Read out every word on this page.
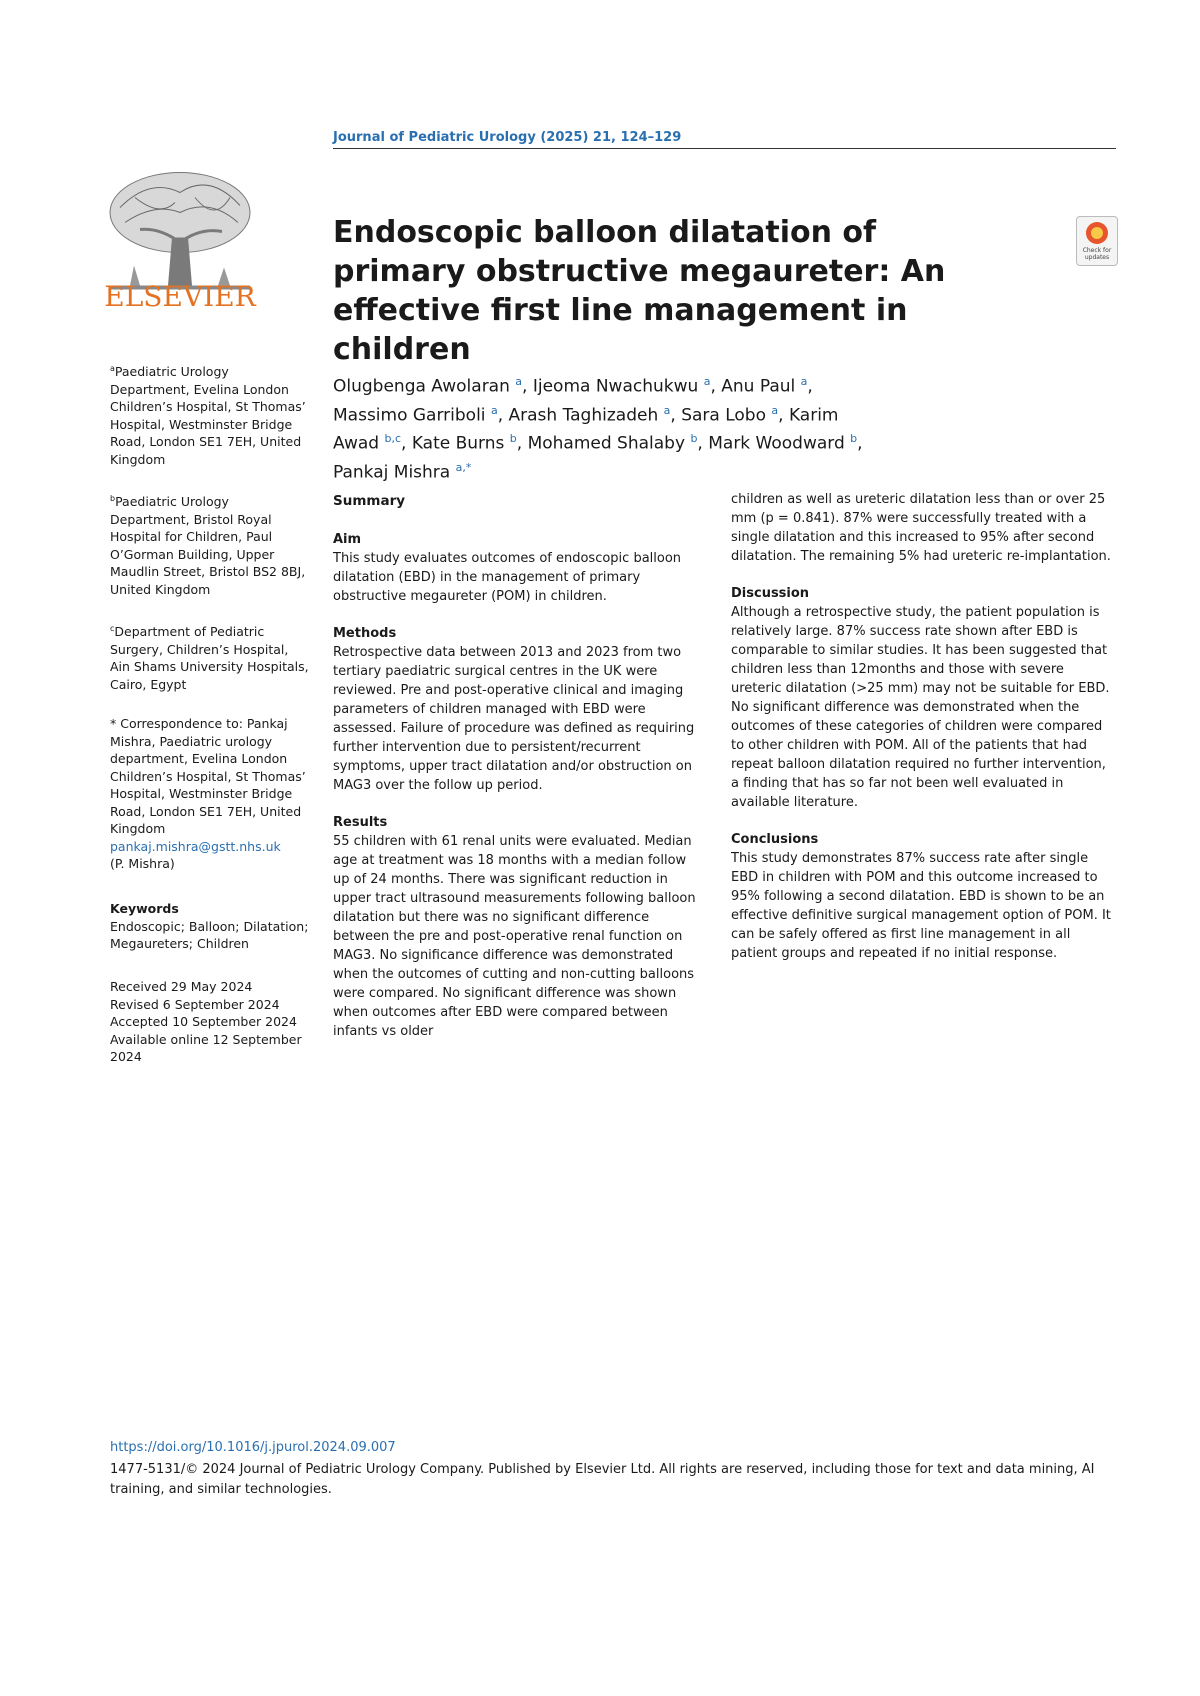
Journal of Pediatric Urology (2025) 21, 124–129
ELSEVIER
Endoscopic balloon dilatation of primary obstructive megaureter: An effective first line management in children
Check for updates
Olugbenga Awolaran $^a$, Ijeoma Nwachukwu $^a$, Anu Paul $^a$, Massimo Garriboli $^a$, Arash Taghizadeh $^a$, Sara Lobo $^a$, Karim Awad $^{b,c}$, Kate Burns $^b$, Mohamed Shalaby $^b$, Mark Woodward $^b$, Pankaj Mishra $^{a,*}$

$^a$Paediatric Urology Department, Evelina London Children’s Hospital, St Thomas’ Hospital, Westminster Bridge Road, London SE1 7EH, United Kingdom

$^b$Paediatric Urology Department, Bristol Royal Hospital for Children, Paul O’Gorman Building, Upper Maudlin Street, Bristol BS2 8BJ, United Kingdom

$^c$Department of Pediatric Surgery, Children’s Hospital, Ain Shams University Hospitals, Cairo, Egypt

* Correspondence to: Pankaj Mishra, Paediatric urology department, Evelina London Children’s Hospital, St Thomas’ Hospital, Westminster Bridge Road, London SE1 7EH, United Kingdom

pankaj.mishra@gstt.nhs.uk

(P. Mishra)

Keywords
Endoscopic; Balloon; Dilatation; Megaureters; Children
Received 29 May 2024
Revised 6 September 2024
Accepted 10 September 2024
Available online 12 September 2024
Summary
Aim

This study evaluates outcomes of endoscopic balloon dilatation (EBD) in the management of primary obstructive megaureter (POM) in children.

Methods

Retrospective data between 2013 and 2023 from two tertiary paediatric surgical centres in the UK were reviewed. Pre and post-operative clinical and imaging parameters of children managed with EBD were assessed. Failure of procedure was defined as requiring further intervention due to persistent/recurrent symptoms, upper tract dilatation and/or obstruction on MAG3 over the follow up period.

Results

55 children with 61 renal units were evaluated. Median age at treatment was 18 months with a median follow up of 24 months. There was significant reduction in upper tract ultrasound measurements following balloon dilatation but there was no significant difference between the pre and post-operative renal function on MAG3. No significance difference was demonstrated when the outcomes of cutting and non-cutting balloons were compared. No significant difference was shown when outcomes after EBD were compared between infants vs older

children as well as ureteric dilatation less than or over 25 mm (p = 0.841). 87% were successfully treated with a single dilatation and this increased to 95% after second dilatation. The remaining 5% had ureteric re-implantation.

Discussion

Although a retrospective study, the patient population is relatively large. 87% success rate shown after EBD is comparable to similar studies. It has been suggested that children less than 12months and those with severe ureteric dilatation (>25 mm) may not be suitable for EBD. No significant difference was demonstrated when the outcomes of these categories of children were compared to other children with POM. All of the patients that had repeat balloon dilatation required no further intervention, a finding that has so far not been well evaluated in available literature.

Conclusions

This study demonstrates 87% success rate after single EBD in children with POM and this outcome increased to 95% following a second dilatation. EBD is shown to be an effective definitive surgical management option of POM. It can be safely offered as first line management in all patient groups and repeated if no initial response.

https://doi.org/10.1016/j.jpurol.2024.09.007
1477-5131/© 2024 Journal of Pediatric Urology Company. Published by Elsevier Ltd. All rights are reserved, including those for text and data mining, AI training, and similar technologies.
